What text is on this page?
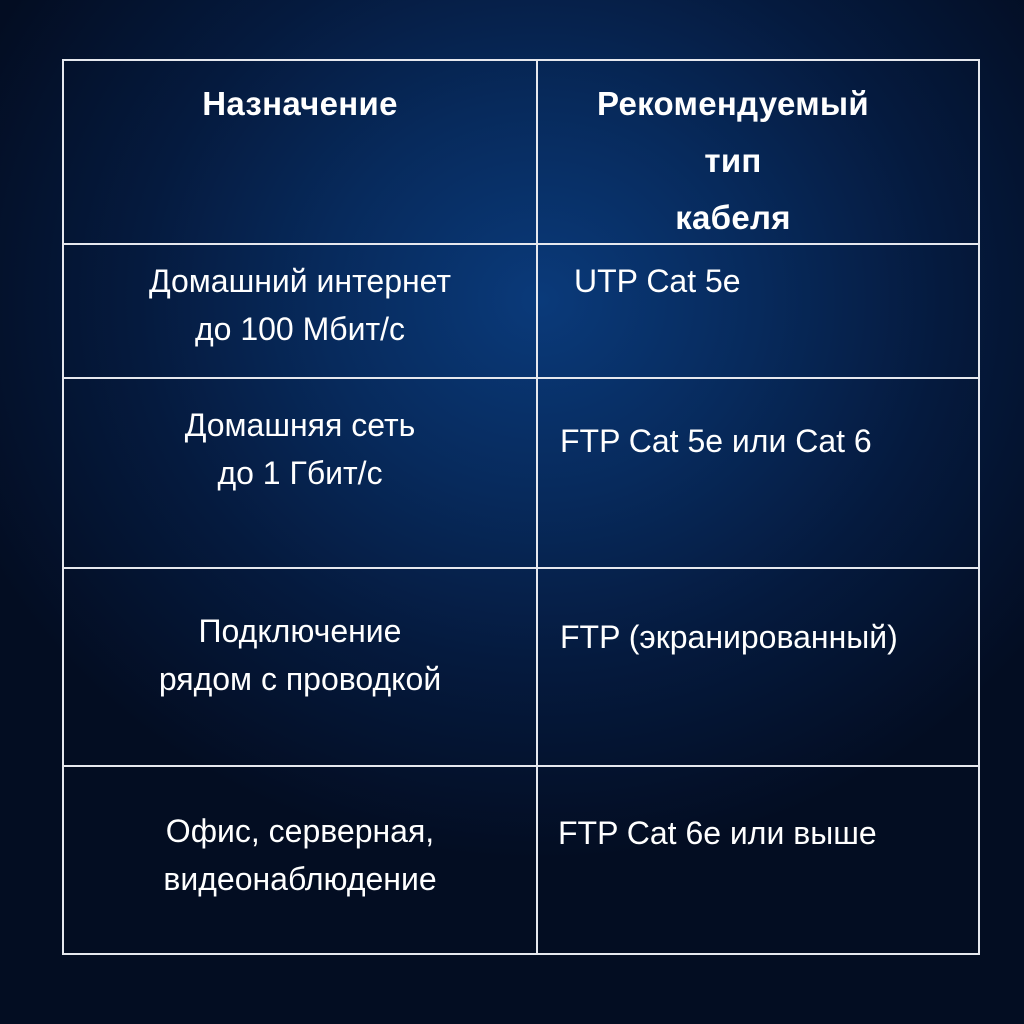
Назначение	Рекомендуемый
тип
кабеля
Домашний интернет
до 100 Мбит/с
UTP Cat 5e
Домашняя сеть
до 1 Гбит/с
FTP Cat 5e или Cat 6
Подключение
рядом с проводкой
FTP (экранированный)
Офис, серверная,
видеонаблюдение
FTP Cat 6e или выше
